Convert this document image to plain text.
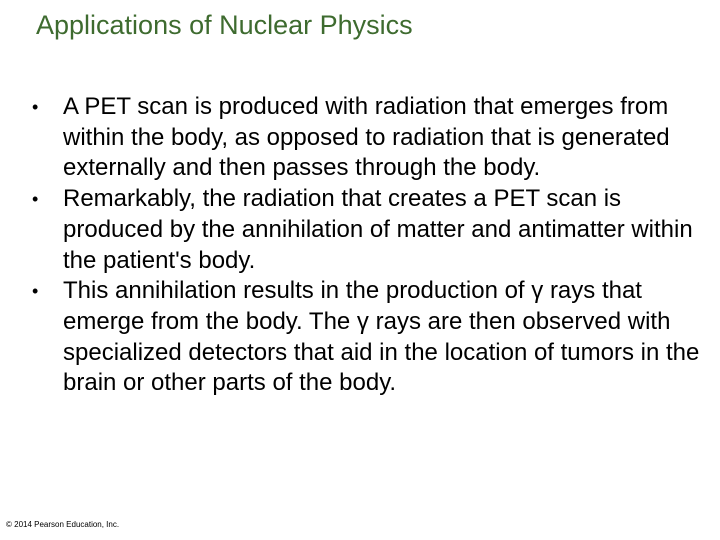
Applications of Nuclear Physics
•	A PET scan is produced with radiation that emerges from within the body, as opposed to radiation that is generated externally and then passes through the body.
•	Remarkably, the radiation that creates a PET scan is produced by the annihilation of matter and antimatter within the patient's body.
•	This annihilation results in the production of γ rays that emerge from the body. The γ rays are then observed with specialized detectors that aid in the location of tumors in the brain or other parts of the body.
© 2014 Pearson Education, Inc.
